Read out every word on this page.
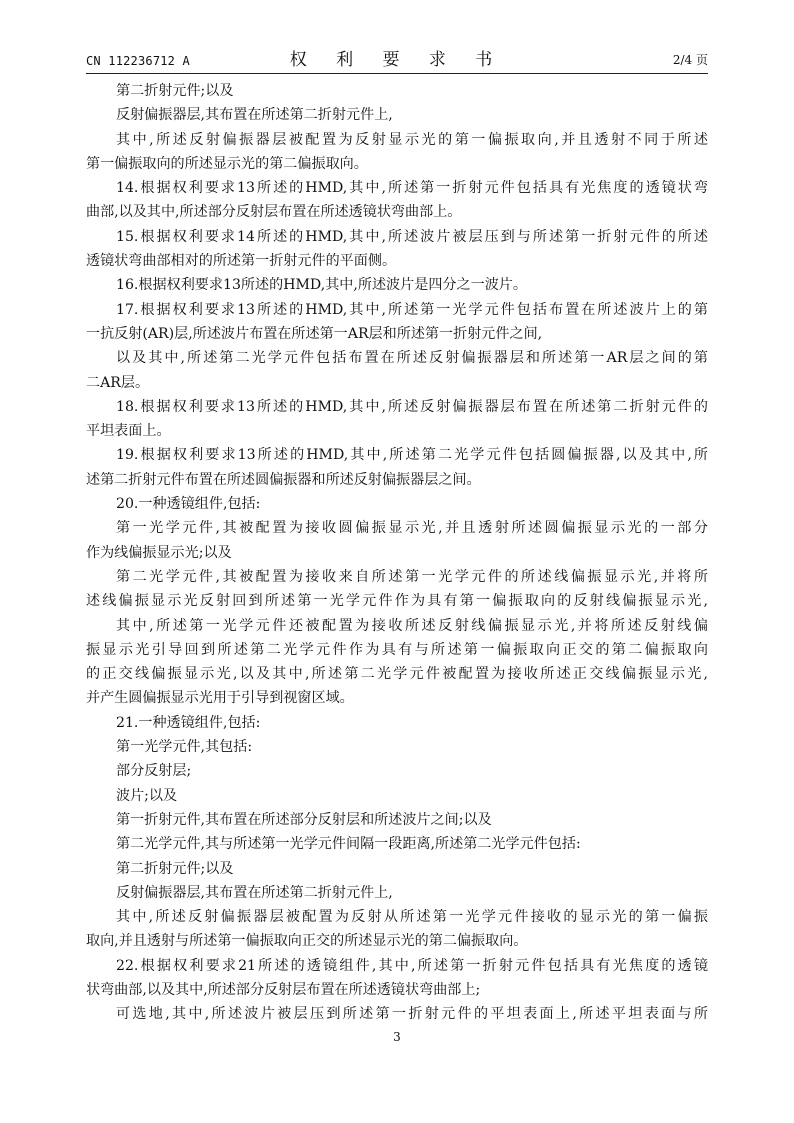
CN 112236712 A	权 利 要 求 书	2/4 页
第二折射元件;以及
反射偏振器层,其布置在所述第二折射元件上,
其中,所述反射偏振器层被配置为反射显示光的第一偏振取向,并且透射不同于所述
第一偏振取向的所述显示光的第二偏振取向。
14.根据权利要求13所述的HMD,其中,所述第一折射元件包括具有光焦度的透镜状弯
曲部,以及其中,所述部分反射层布置在所述透镜状弯曲部上。
15.根据权利要求14所述的HMD,其中,所述波片被层压到与所述第一折射元件的所述
透镜状弯曲部相对的所述第一折射元件的平面侧。
16.根据权利要求13所述的HMD,其中,所述波片是四分之一波片。
17.根据权利要求13所述的HMD,其中,所述第一光学元件包括布置在所述波片上的第
一抗反射(AR)层,所述波片布置在所述第一AR层和所述第一折射元件之间,
以及其中,所述第二光学元件包括布置在所述反射偏振器层和所述第一AR层之间的第
二AR层。
18.根据权利要求13所述的HMD,其中,所述反射偏振器层布置在所述第二折射元件的
平坦表面上。
19.根据权利要求13所述的HMD,其中,所述第二光学元件包括圆偏振器,以及其中,所
述第二折射元件布置在所述圆偏振器和所述反射偏振器层之间。
20.一种透镜组件,包括:
第一光学元件,其被配置为接收圆偏振显示光,并且透射所述圆偏振显示光的一部分
作为线偏振显示光;以及
第二光学元件,其被配置为接收来自所述第一光学元件的所述线偏振显示光,并将所
述线偏振显示光反射回到所述第一光学元件作为具有第一偏振取向的反射线偏振显示光,
其中,所述第一光学元件还被配置为接收所述反射线偏振显示光,并将所述反射线偏
振显示光引导回到所述第二光学元件作为具有与所述第一偏振取向正交的第二偏振取向
的正交线偏振显示光,以及其中,所述第二光学元件被配置为接收所述正交线偏振显示光,
并产生圆偏振显示光用于引导到视窗区域。
21.一种透镜组件,包括:
第一光学元件,其包括:
部分反射层;
波片;以及
第一折射元件,其布置在所述部分反射层和所述波片之间;以及
第二光学元件,其与所述第一光学元件间隔一段距离,所述第二光学元件包括:
第二折射元件;以及
反射偏振器层,其布置在所述第二折射元件上,
其中,所述反射偏振器层被配置为反射从所述第一光学元件接收的显示光的第一偏振
取向,并且透射与所述第一偏振取向正交的所述显示光的第二偏振取向。
22.根据权利要求21所述的透镜组件,其中,所述第一折射元件包括具有光焦度的透镜
状弯曲部,以及其中,所述部分反射层布置在所述透镜状弯曲部上;
可选地,其中,所述波片被层压到所述第一折射元件的平坦表面上,所述平坦表面与所
3
